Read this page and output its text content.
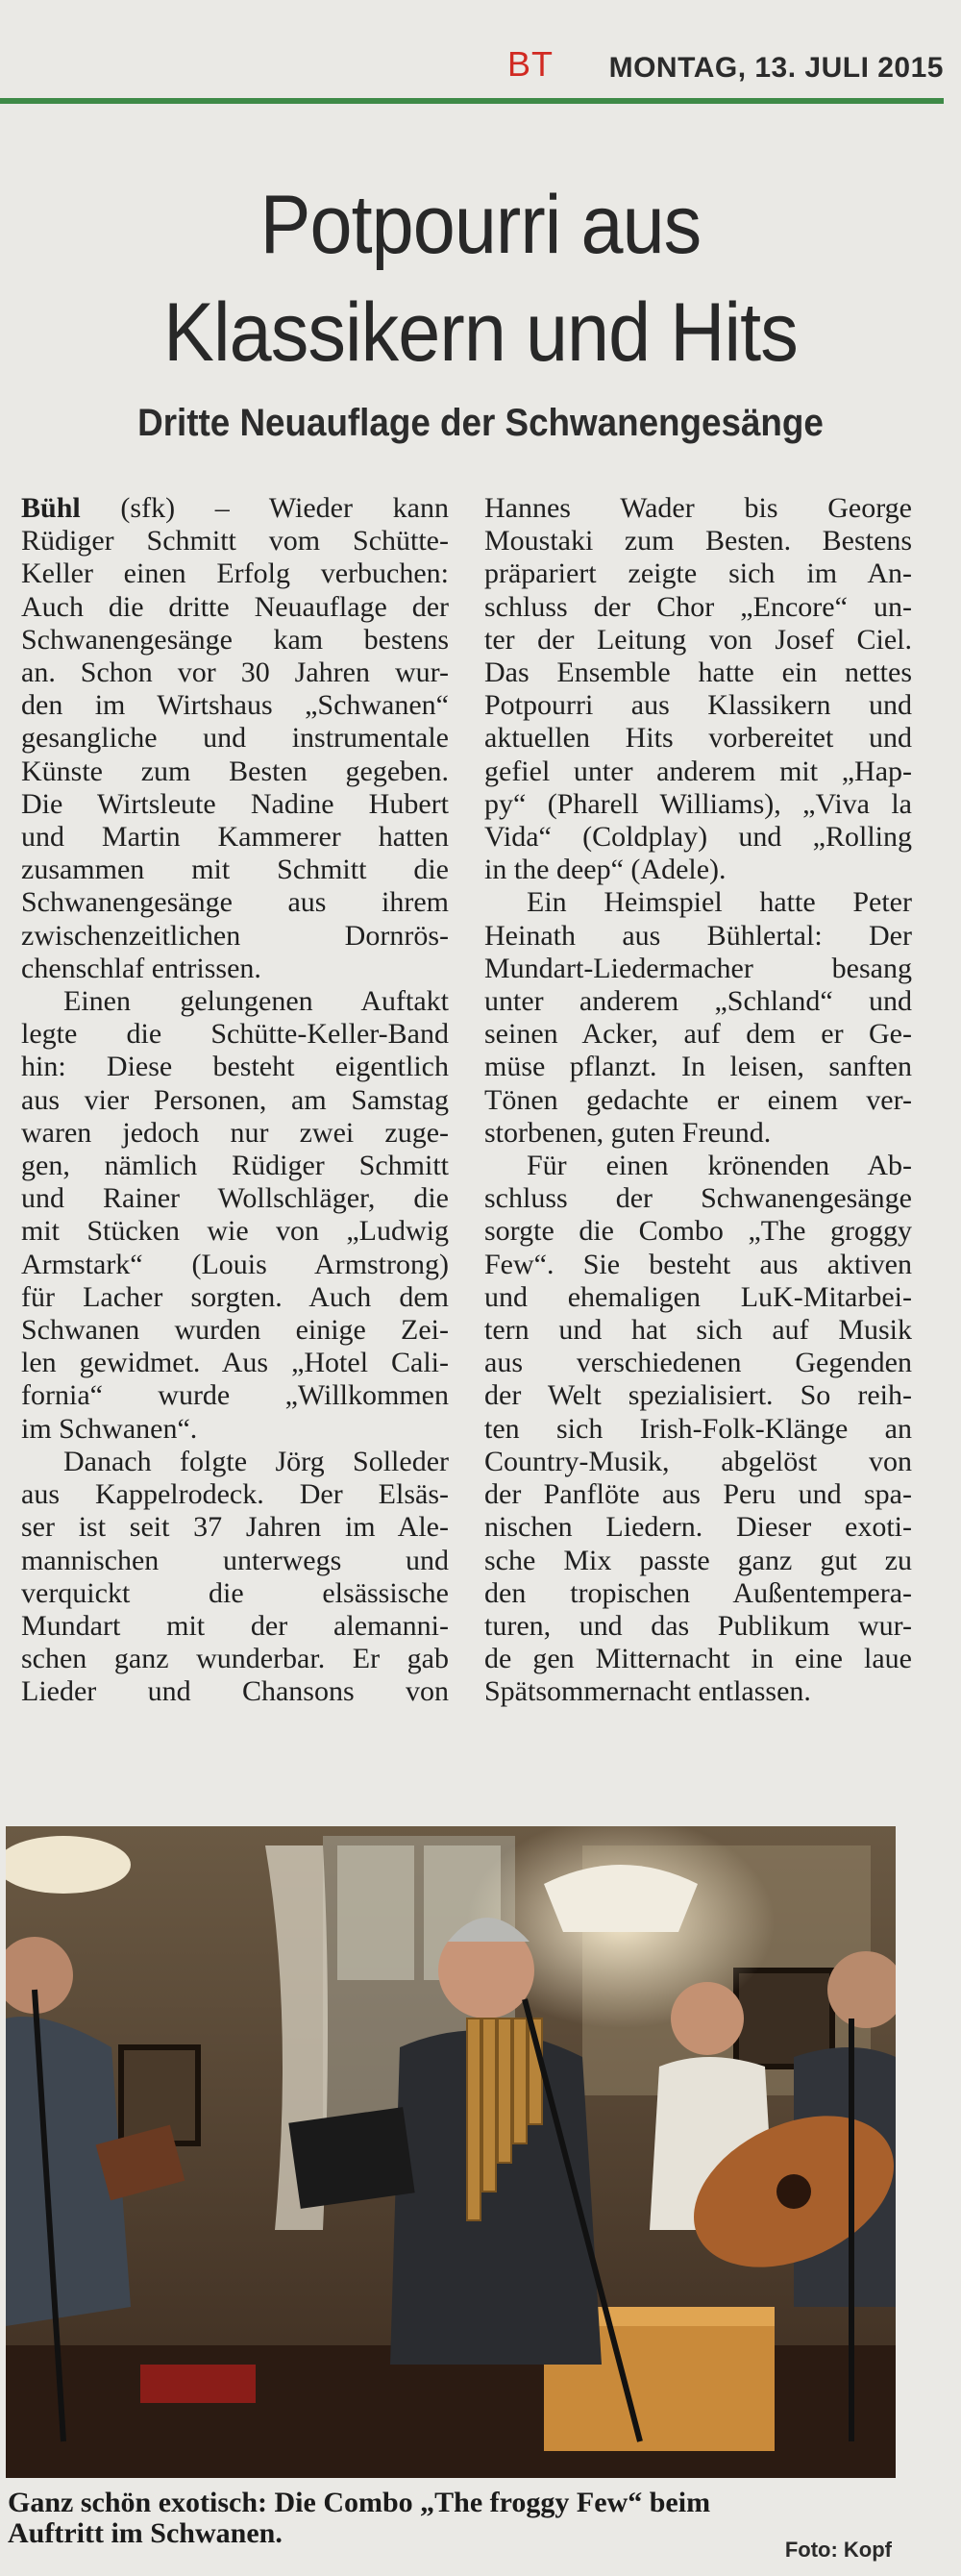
BT MONTAG, 13. JULI 2015
Potpourri aus
Klassikern und Hits
Dritte Neuauflage der Schwanengesänge
Bühl (sfk) – Wieder kann
Rüdiger Schmitt vom Schütte-
Keller einen Erfolg verbuchen:
Auch die dritte Neuauflage der
Schwanengesänge kam bestens
an. Schon vor 30 Jahren wur-
den im Wirtshaus „Schwanen“
gesangliche und instrumentale
Künste zum Besten gegeben.
Die Wirtsleute Nadine Hubert
und Martin Kammerer hatten
zusammen mit Schmitt die
Schwanengesänge aus ihrem
zwischenzeitlichen Dornrös-
chenschlaf entrissen.
Einen gelungenen Auftakt
legte die Schütte-Keller-Band
hin: Diese besteht eigentlich
aus vier Personen, am Samstag
waren jedoch nur zwei zuge-
gen, nämlich Rüdiger Schmitt
und Rainer Wollschläger, die
mit Stücken wie von „Ludwig
Armstark“ (Louis Armstrong)
für Lacher sorgten. Auch dem
Schwanen wurden einige Zei-
len gewidmet. Aus „Hotel Cali-
fornia“ wurde „Willkommen
im Schwanen“.
Danach folgte Jörg Solleder
aus Kappelrodeck. Der Elsäs-
ser ist seit 37 Jahren im Ale-
mannischen unterwegs und
verquickt die elsässische
Mundart mit der alemanni-
schen ganz wunderbar. Er gab
Lieder und Chansons von
Hannes Wader bis George
Moustaki zum Besten. Bestens
präpariert zeigte sich im An-
schluss der Chor „Encore“ un-
ter der Leitung von Josef Ciel.
Das Ensemble hatte ein nettes
Potpourri aus Klassikern und
aktuellen Hits vorbereitet und
gefiel unter anderem mit „Hap-
py“ (Pharell Williams), „Viva la
Vida“ (Coldplay) und „Rolling
in the deep“ (Adele).
Ein Heimspiel hatte Peter
Heinath aus Bühlertal: Der
Mundart-Liedermacher besang
unter anderem „Schland“ und
seinen Acker, auf dem er Ge-
müse pflanzt. In leisen, sanften
Tönen gedachte er einem ver-
storbenen, guten Freund.
Für einen krönenden Ab-
schluss der Schwanengesänge
sorgte die Combo „The groggy
Few“. Sie besteht aus aktiven
und ehemaligen LuK-Mitarbei-
tern und hat sich auf Musik
aus verschiedenen Gegenden
der Welt spezialisiert. So reih-
ten sich Irish-Folk-Klänge an
Country-Musik, abgelöst von
der Panflöte aus Peru und spa-
nischen Liedern. Dieser exoti-
sche Mix passte ganz gut zu
den tropischen Außentempera-
turen, und das Publikum wur-
de gen Mitternacht in eine laue
Spätsommernacht entlassen.
Ganz schön exotisch: Die Combo „The froggy Few“ beim
Auftritt im Schwanen.
Foto: Kopf
